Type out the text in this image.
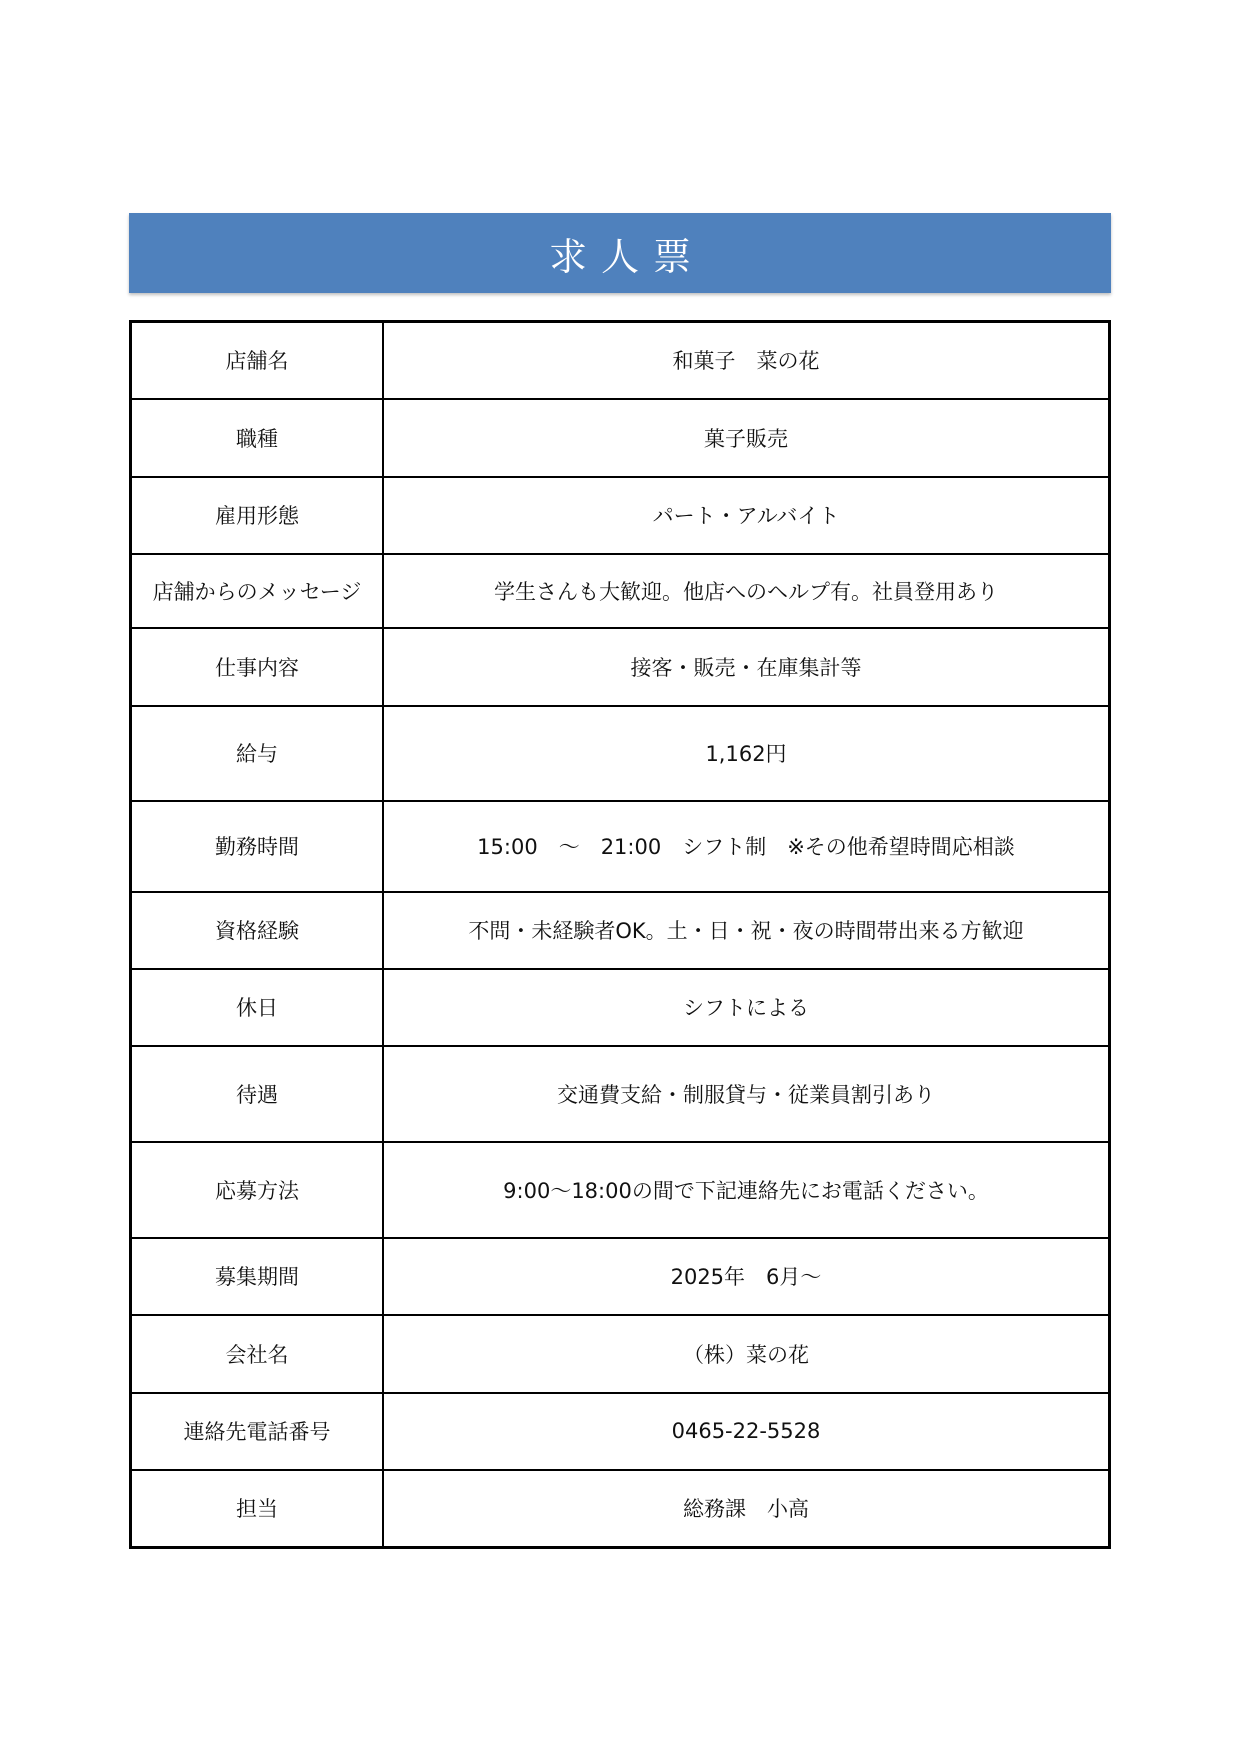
求人票
店舗名	和菓子　菜の花
職種	菓子販売
雇用形態	パート・アルバイト
店舗からのメッセージ	学生さんも大歓迎。他店へのヘルプ有。社員登用あり
仕事内容	接客・販売・在庫集計等
給与	1,162円
勤務時間	15:00　～　21:00　シフト制　※その他希望時間応相談
資格経験	不問・未経験者OK。土・日・祝・夜の時間帯出来る方歓迎
休日	シフトによる
待遇	交通費支給・制服貸与・従業員割引あり
応募方法	9:00～18:00の間で下記連絡先にお電話ください。
募集期間	2025年　6月～
会社名	（株）菜の花
連絡先電話番号	0465-22-5528
担当	総務課　小高
